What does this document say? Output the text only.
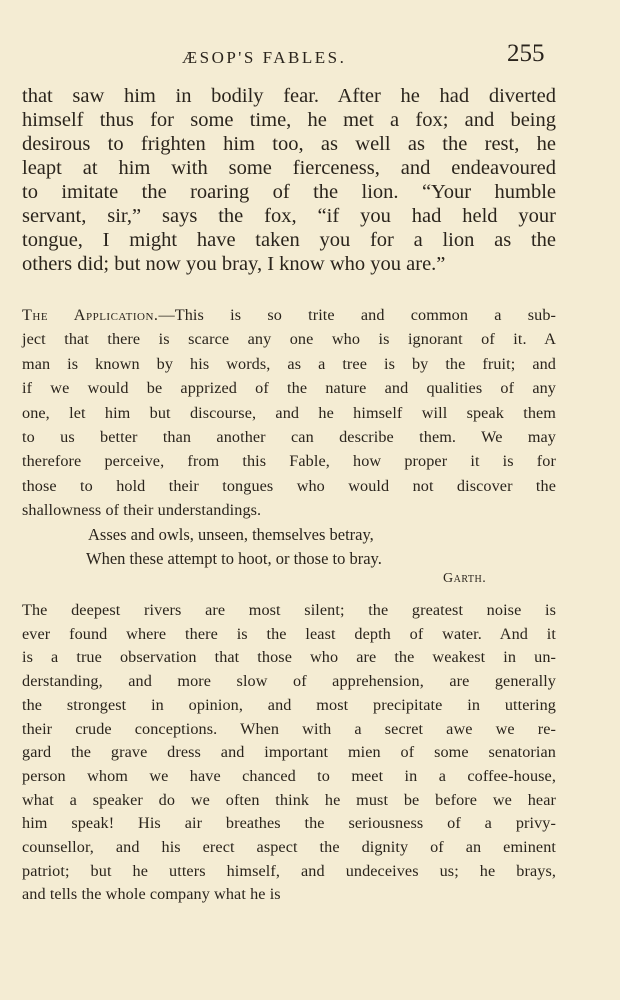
ÆSOP'S FABLES.	255
that saw him in bodily fear. After he had diverted
himself thus for some time, he met a fox; and being
desirous to frighten him too, as well as the rest, he
leapt at him with some fierceness, and endeavoured
to imitate the roaring of the lion. “Your humble
servant, sir,” says the fox, “if you had held your
tongue, I might have taken you for a lion as the
others did; but now you bray, I know who you are.”
The Application.—This is so trite and common a sub-
ject that there is scarce any one who is ignorant of it. A
man is known by his words, as a tree is by the fruit; and
if we would be apprized of the nature and qualities of any
one, let him but discourse, and he himself will speak them
to us better than another can describe them. We may
therefore perceive, from this Fable, how proper it is for
those to hold their tongues who would not discover the
shallowness of their understandings.
Asses and owls, unseen, themselves betray,
When these attempt to hoot, or those to bray.
Garth.
The deepest rivers are most silent; the greatest noise is
ever found where there is the least depth of water. And it
is a true observation that those who are the weakest in un-
derstanding, and more slow of apprehension, are generally
the strongest in opinion, and most precipitate in uttering
their crude conceptions. When with a secret awe we re-
gard the grave dress and important mien of some senatorian
person whom we have chanced to meet in a coffee-house,
what a speaker do we often think he must be before we hear
him speak! His air breathes the seriousness of a privy-
counsellor, and his erect aspect the dignity of an eminent
patriot; but he utters himself, and undeceives us; he brays,
and tells the whole company what he is
